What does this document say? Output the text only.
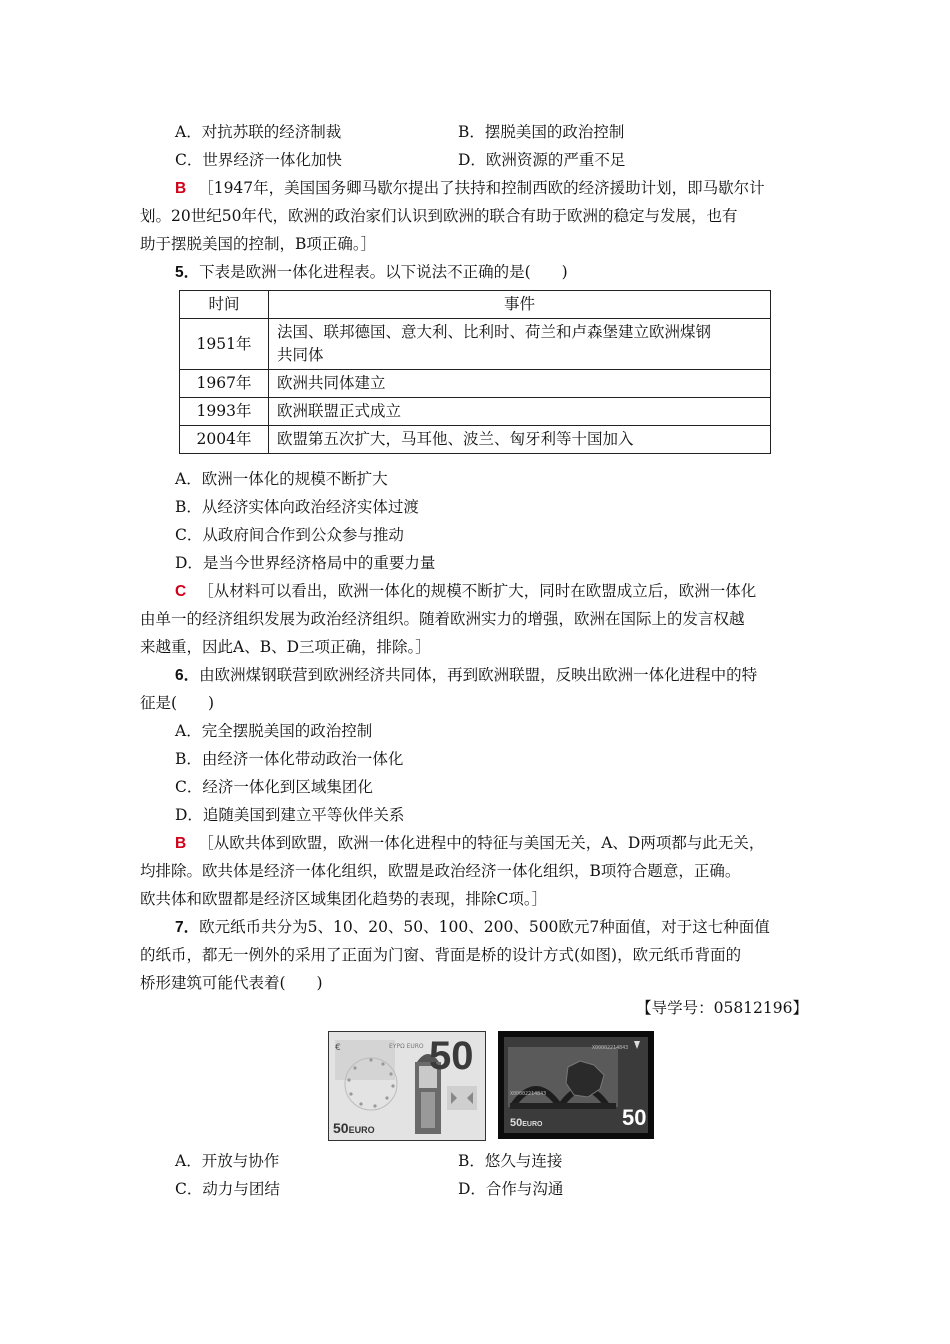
A．对抗苏联的经济制裁	B．摆脱美国的政治控制
C．世界经济一体化加快	D．欧洲资源的严重不足
B ［1947年，美国国务卿马歇尔提出了扶持和控制西欧的经济援助计划，即马歇尔计
划。20世纪50年代，欧洲的政治家们认识到欧洲的联合有助于欧洲的稳定与发展，也有
助于摆脱美国的控制，B项正确。］
5．下表是欧洲一体化进程表。以下说法不正确的是(　　)
时间	事件
1951年	法国、联邦德国、意大利、比利时、荷兰和卢森堡建立欧洲煤钢
共同体

1967年	欧洲共同体建立
1993年	欧洲联盟正式成立
2004年	欧盟第五次扩大，马耳他、波兰、匈牙利等十国加入
A．欧洲一体化的规模不断扩大
B．从经济实体向政治经济实体过渡
C．从政府间合作到公众参与推动
D．是当今世界经济格局中的重要力量
C ［从材料可以看出，欧洲一体化的规模不断扩大，同时在欧盟成立后，欧洲一体化
由单一的经济组织发展为政治经济组织。随着欧洲实力的增强，欧洲在国际上的发言权越
来越重，因此A、B、D三项正确，排除。］
6．由欧洲煤钢联营到欧洲经济共同体，再到欧洲联盟，反映出欧洲一体化进程中的特
征是(　　)
A．完全摆脱美国的政治控制
B．由经济一体化带动政治一体化
C．经济一体化到区域集团化
D．追随美国到建立平等伙伴关系
B ［从欧共体到欧盟，欧洲一体化进程中的特征与美国无关，A、D两项都与此无关，
均排除。欧共体是经济一体化组织，欧盟是政治经济一体化组织，B项符合题意，正确。
欧共体和欧盟都是经济区域集团化趋势的表现，排除C项。］
7．欧元纸币共分为5、10、20、50、100、200、500欧元7种面值，对于这七种面值
的纸币，都无一例外的采用了正面为门窗、背面是桥的设计方式(如图)，欧元纸币背面的
桥形建筑可能代表着(　　)
【导学号：05812196】
€	EΥΡΩ EURO 50
50EURO
X00002214843
X00002214843
50
50EURO
A．开放与协作	B．悠久与连接
C．动力与团结	D．合作与沟通
